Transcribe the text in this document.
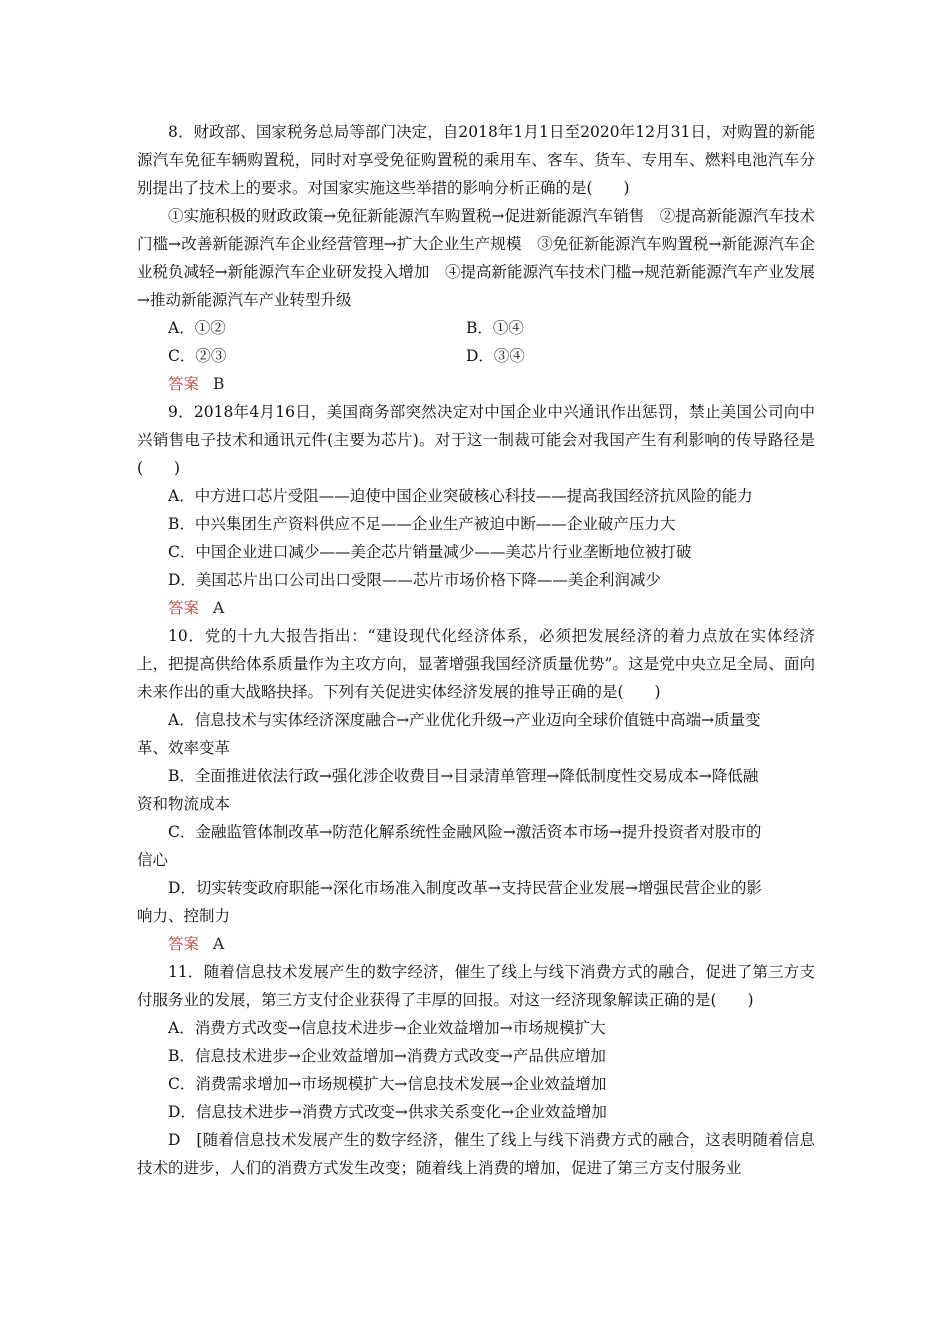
8．财政部、国家税务总局等部门决定，自2018年1月1日至2020年12月31日，对购置的新能源汽车免征车辆购置税，同时对享受免征购置税的乘用车、客车、货车、专用车、燃料电池汽车分别提出了技术上的要求。对国家实施这些举措的影响分析正确的是(　　)

①实施积极的财政政策→免征新能源汽车购置税→促进新能源汽车销售　②提高新能源汽车技术门槛→改善新能源汽车企业经营管理→扩大企业生产规模　③免征新能源汽车购置税→新能源汽车企业税负减轻→新能源汽车企业研发投入增加　④提高新能源汽车技术门槛→规范新能源汽车产业发展→推动新能源汽车产业转型升级

A．①②	B．①④
C．②③	D．③④

答案 B

9．2018年4月16日，美国商务部突然决定对中国企业中兴通讯作出惩罚，禁止美国公司向中兴销售电子技术和通讯元件(主要为芯片)。对于这一制裁可能会对我国产生有利影响的传导路径是(　　)

A．中方进口芯片受阻——迫使中国企业突破核心科技——提高我国经济抗风险的能力

B．中兴集团生产资料供应不足——企业生产被迫中断——企业破产压力大

C．中国企业进口减少——美企芯片销量减少——美芯片行业垄断地位被打破

D．美国芯片出口公司出口受限——芯片市场价格下降——美企利润减少

答案 A

10．党的十九大报告指出：“建设现代化经济体系，必须把发展经济的着力点放在实体经济上，把提高供给体系质量作为主攻方向，显著增强我国经济质量优势”。这是党中央立足全局、面向未来作出的重大战略抉择。下列有关促进实体经济发展的推导正确的是(　　)

A．信息技术与实体经济深度融合→产业优化升级→产业迈向全球价值链中高端→质量变

革、效率变革

B．全面推进依法行政→强化涉企收费目→目录清单管理→降低制度性交易成本→降低融

资和物流成本

C．金融监管体制改革→防范化解系统性金融风险→激活资本市场→提升投资者对股市的

信心

D．切实转变政府职能→深化市场准入制度改革→支持民营企业发展→增强民营企业的影

响力、控制力

答案 A

11．随着信息技术发展产生的数字经济，催生了线上与线下消费方式的融合，促进了第三方支付服务业的发展，第三方支付企业获得了丰厚的回报。对这一经济现象解读正确的是(　　)

A．消费方式改变→信息技术进步→企业效益增加→市场规模扩大

B．信息技术进步→企业效益增加→消费方式改变→产品供应增加

C．消费需求增加→市场规模扩大→信息技术发展→企业效益增加

D．信息技术进步→消费方式改变→供求关系变化→企业效益增加

D　[随着信息技术发展产生的数字经济，催生了线上与线下消费方式的融合，这表明随着信息技术的进步，人们的消费方式发生改变；随着线上消费的增加，促进了第三方支付服务业
